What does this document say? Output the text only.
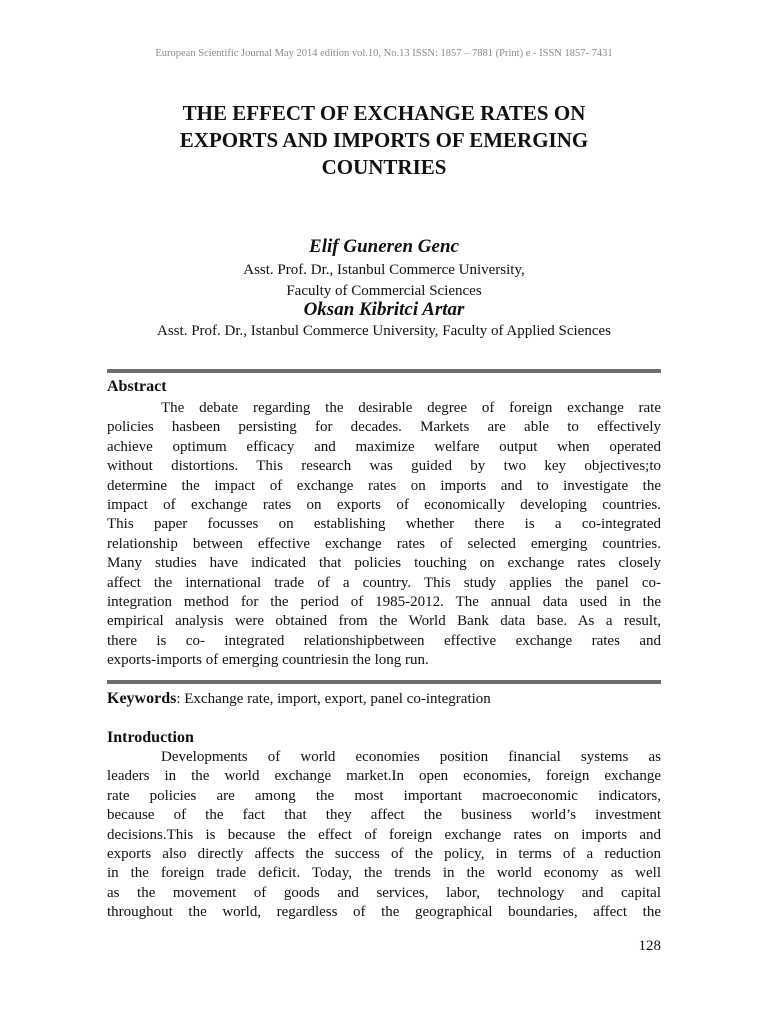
European Scientific Journal May 2014 edition vol.10, No.13 ISSN: 1857 – 7881 (Print) e - ISSN 1857- 7431
THE EFFECT OF EXCHANGE RATES ON
EXPORTS AND IMPORTS OF EMERGING
COUNTRIES
Elif Guneren Genc
Asst. Prof. Dr., Istanbul Commerce University,
Faculty of Commercial Sciences
Oksan Kibritci Artar
Asst. Prof. Dr., Istanbul Commerce University, Faculty of Applied Sciences
Abstract
The debate regarding the desirable degree of foreign exchange rate
policies hasbeen persisting for decades. Markets are able to effectively
achieve optimum efficacy and maximize welfare output when operated
without distortions. This research was guided by two key objectives;to
determine the impact of exchange rates on imports and to investigate the
impact of exchange rates on exports of economically developing countries.
This paper focusses on establishing whether there is a co-integrated
relationship between effective exchange rates of selected emerging countries.
Many studies have indicated that policies touching on exchange rates closely
affect the international trade of a country. This study applies the panel co-
integration method for the period of 1985-2012. The annual data used in the
empirical analysis were obtained from the World Bank data base. As a result,
there is co- integrated relationshipbetween effective exchange rates and
exports-imports of emerging countriesin the long run.
Keywords: Exchange rate, import, export, panel co-integration
Introduction
Developments of world economies position financial systems as
leaders in the world exchange market.In open economies, foreign exchange
rate policies are among the most important macroeconomic indicators,
because of the fact that they affect the business world’s investment
decisions.This is because the effect of foreign exchange rates on imports and
exports also directly affects the success of the policy, in terms of a reduction
in the foreign trade deficit. Today, the trends in the world economy as well
as the movement of goods and services, labor, technology and capital
throughout the world, regardless of the geographical boundaries, affect the
128
